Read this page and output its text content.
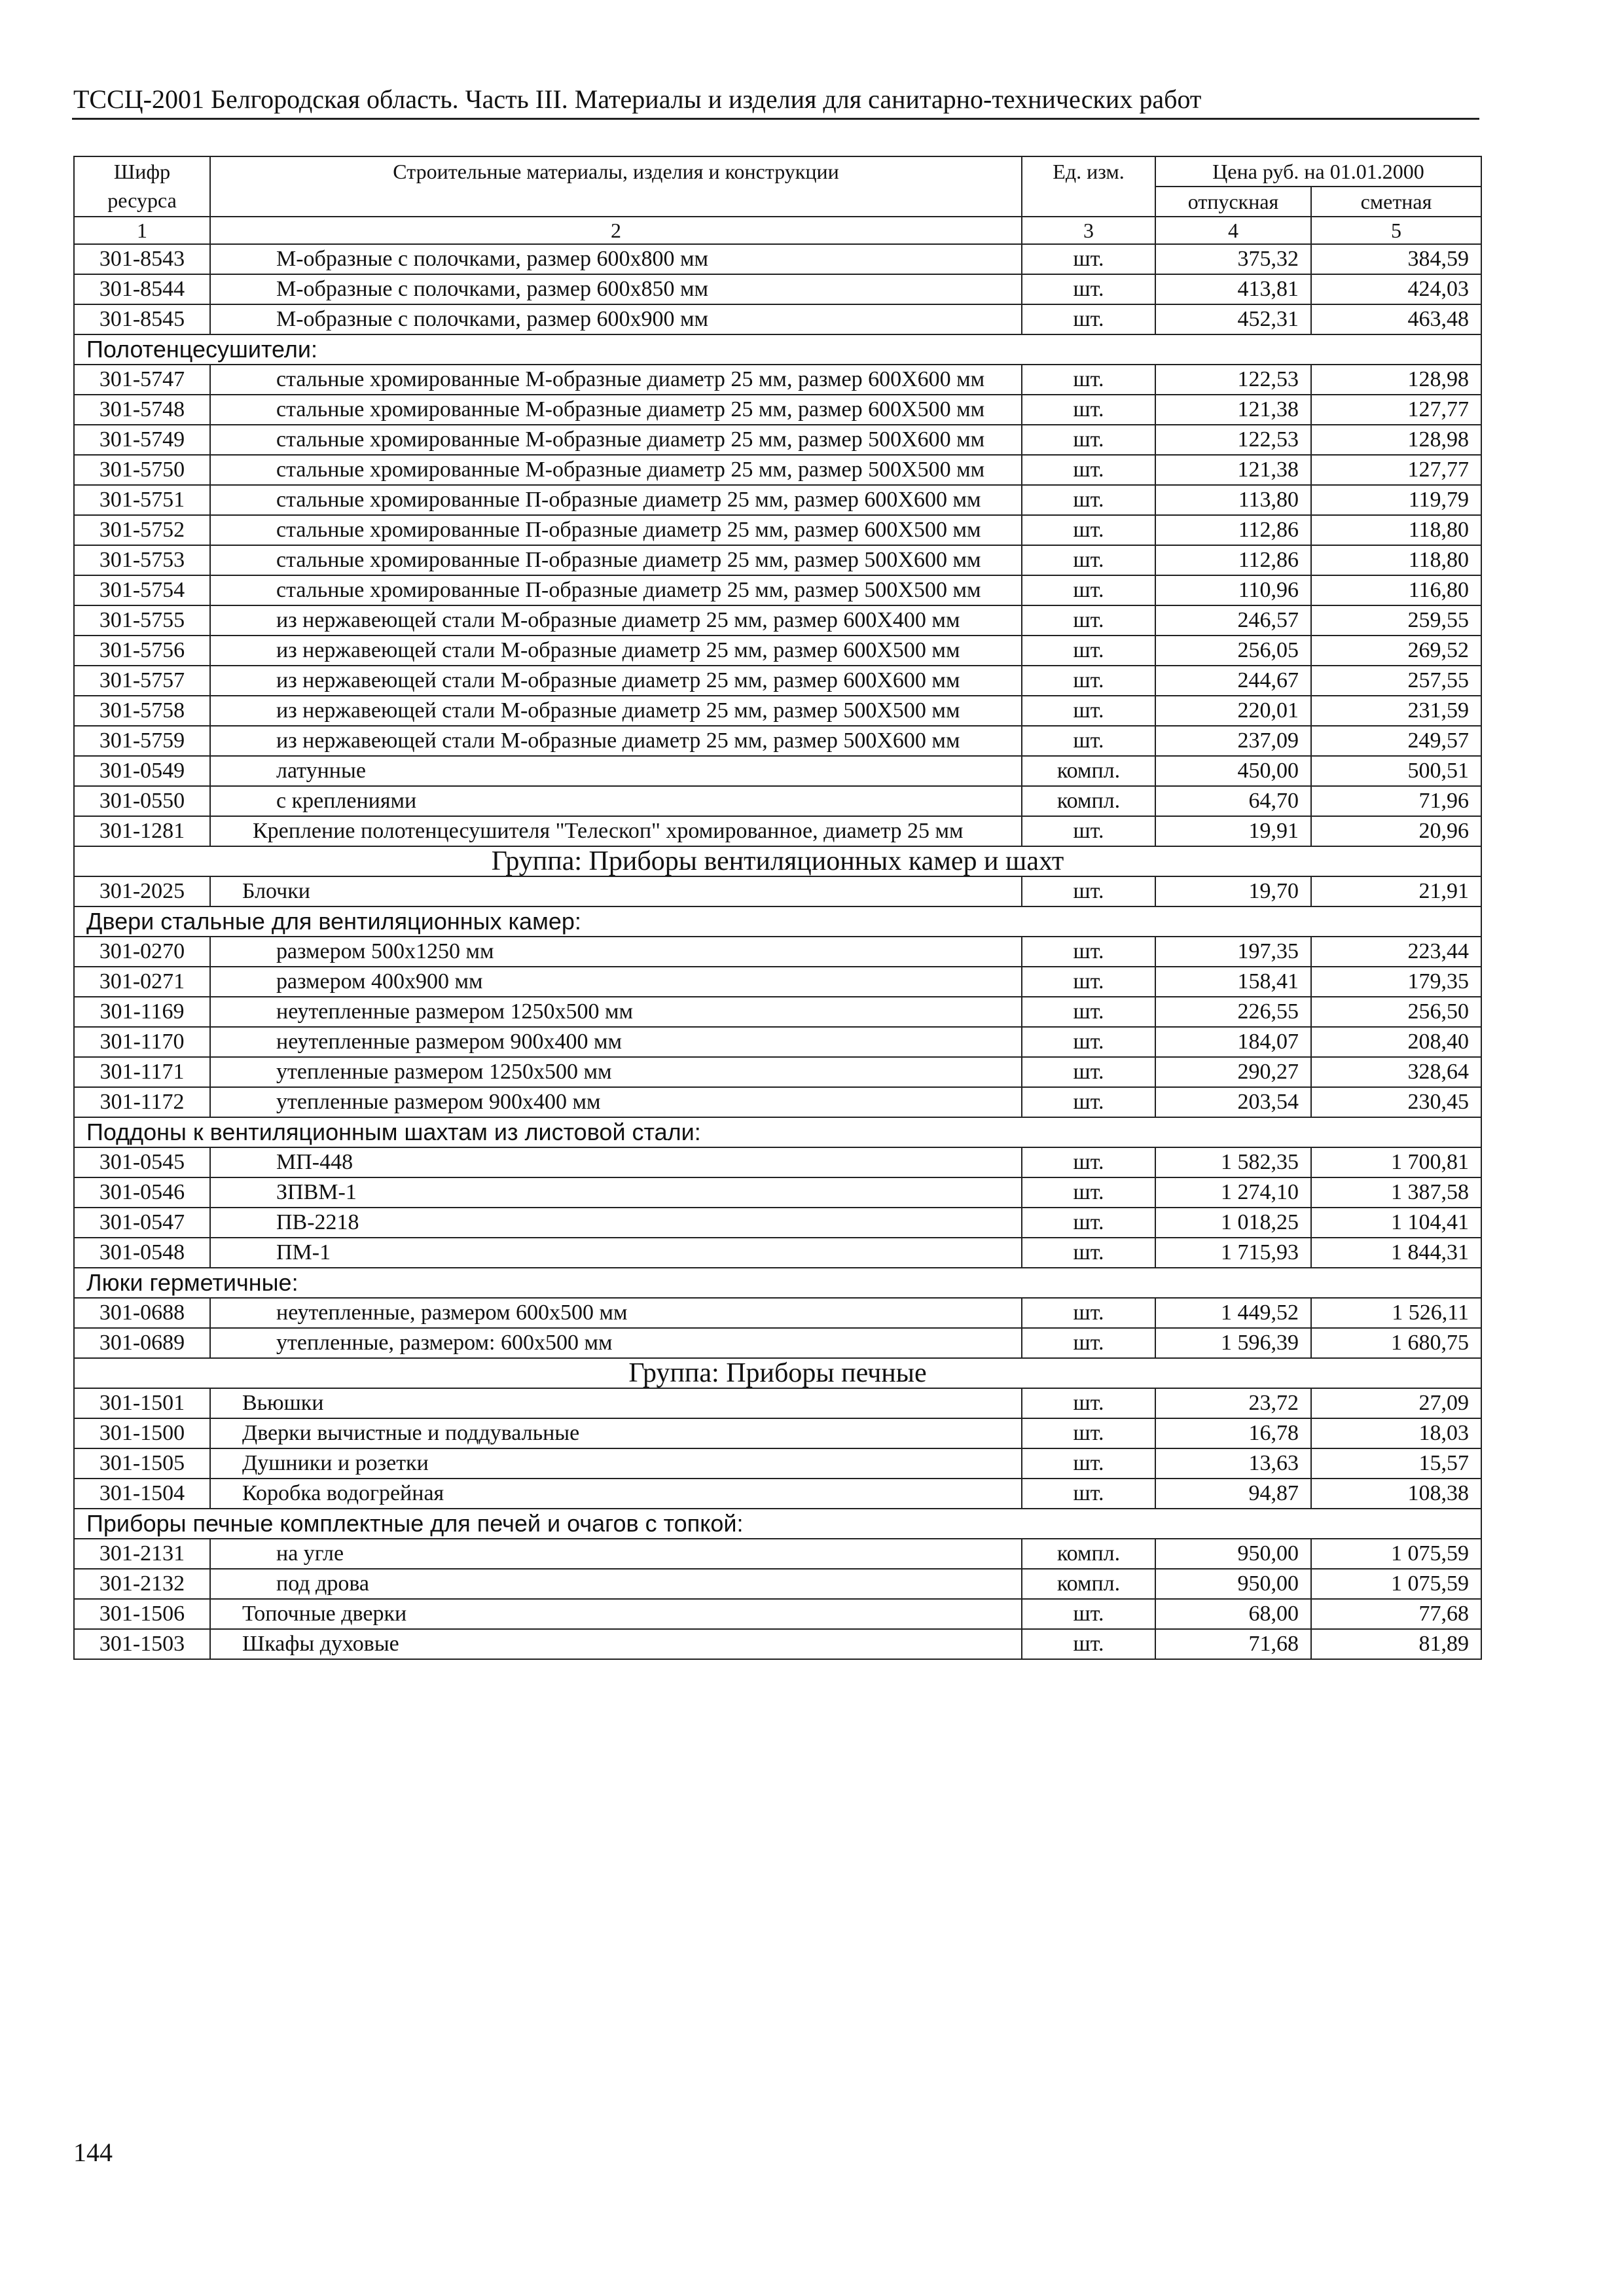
ТССЦ-2001 Белгородская область. Часть III. Материалы и изделия для санитарно-технических работ
Шифр ресурса	Строительные материалы, изделия и конструкции	Ед. изм.	Цена руб. на 01.01.2000	
			отпускная	сметная
1	2	3	4	5
301-8543	М-образные с полочками, размер 600х800 мм	шт.	375,32	384,59
301-8544	М-образные с полочками, размер 600х850 мм	шт.	413,81	424,03
301-8545	М-образные с полочками, размер 600х900 мм	шт.	452,31	463,48
Полотенцесушители:				
301-5747	стальные хромированные М-образные диаметр 25 мм, размер 600Х600 мм	шт.	122,53	128,98
301-5748	стальные хромированные М-образные диаметр 25 мм, размер 600Х500 мм	шт.	121,38	127,77
301-5749	стальные хромированные М-образные диаметр 25 мм, размер 500Х600 мм	шт.	122,53	128,98
301-5750	стальные хромированные М-образные диаметр 25 мм, размер 500Х500 мм	шт.	121,38	127,77
301-5751	стальные хромированные П-образные диаметр 25 мм, размер 600Х600 мм	шт.	113,80	119,79
301-5752	стальные хромированные П-образные диаметр 25 мм, размер 600Х500 мм	шт.	112,86	118,80
301-5753	стальные хромированные П-образные диаметр 25 мм, размер 500Х600 мм	шт.	112,86	118,80
301-5754	стальные хромированные П-образные диаметр 25 мм, размер 500Х500 мм	шт.	110,96	116,80
301-5755	из нержавеющей стали М-образные диаметр 25 мм, размер 600Х400 мм	шт.	246,57	259,55
301-5756	из нержавеющей стали М-образные диаметр 25 мм, размер 600Х500 мм	шт.	256,05	269,52
301-5757	из нержавеющей стали М-образные диаметр 25 мм, размер 600Х600 мм	шт.	244,67	257,55
301-5758	из нержавеющей стали М-образные диаметр 25 мм, размер 500Х500 мм	шт.	220,01	231,59
301-5759	из нержавеющей стали М-образные диаметр 25 мм, размер 500Х600 мм	шт.	237,09	249,57
301-0549	латунные	компл.	450,00	500,51
301-0550	с креплениями	компл.	64,70	71,96
301-1281	Крепление полотенцесушителя "Телескоп" хромированное, диаметр 25 мм	шт.	19,91	20,96
Группа: Приборы вентиляционных камер и шахт				
301-2025	Блочки	шт.	19,70	21,91
Двери стальные для вентиляционных камер:				
301-0270	размером 500х1250 мм	шт.	197,35	223,44
301-0271	размером 400х900 мм	шт.	158,41	179,35
301-1169	неутепленные размером 1250х500 мм	шт.	226,55	256,50
301-1170	неутепленные размером 900х400 мм	шт.	184,07	208,40
301-1171	утепленные размером 1250х500 мм	шт.	290,27	328,64
301-1172	утепленные размером 900х400 мм	шт.	203,54	230,45
Поддоны к вентиляционным шахтам из листовой стали:				
301-0545	МП-448	шт.	1 582,35	1 700,81
301-0546	ЗПВМ-1	шт.	1 274,10	1 387,58
301-0547	ПВ-2218	шт.	1 018,25	1 104,41
301-0548	ПМ-1	шт.	1 715,93	1 844,31
Люки герметичные:				
301-0688	неутепленные, размером 600х500 мм	шт.	1 449,52	1 526,11
301-0689	утепленные, размером: 600х500 мм	шт.	1 596,39	1 680,75
Группа: Приборы печные				
301-1501	Вьюшки	шт.	23,72	27,09
301-1500	Дверки вычистные и поддувальные	шт.	16,78	18,03
301-1505	Душники и розетки	шт.	13,63	15,57
301-1504	Коробка водогрейная	шт.	94,87	108,38
Приборы печные комплектные для печей и очагов с топкой:				
301-2131	на угле	компл.	950,00	1 075,59
301-2132	под дрова	компл.	950,00	1 075,59
301-1506	Топочные дверки	шт.	68,00	77,68
301-1503	Шкафы духовые	шт.	71,68	81,89
144
